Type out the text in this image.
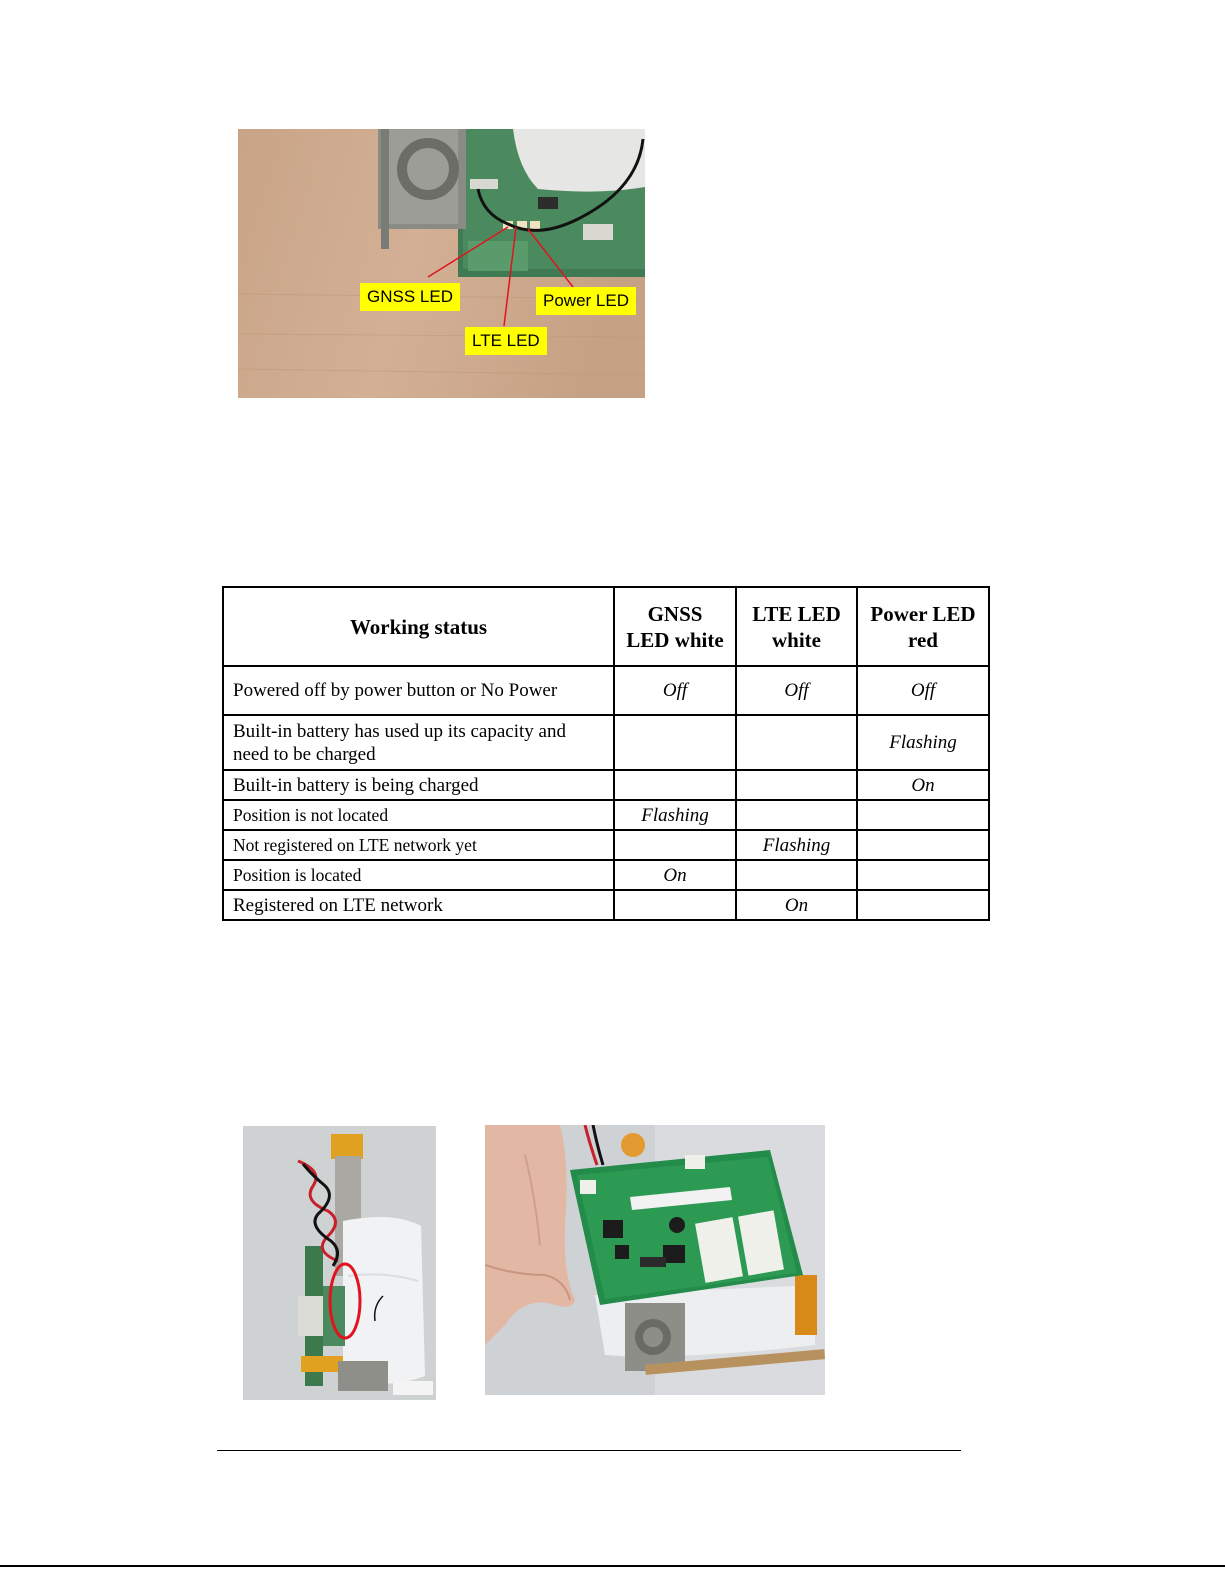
GNSS LED	Power LED
LTE LED
Working status	GNSS LED white	LTE LED white	Power LED red
Powered off by power button or No Power	Off	Off	Off
Built-in battery has used up its capacity and need to be charged			Flashing
Built-in battery is being charged			On
Position is not located	Flashing		
Not registered on LTE network yet		Flashing	
Position is located	On		
Registered on LTE network		On	
